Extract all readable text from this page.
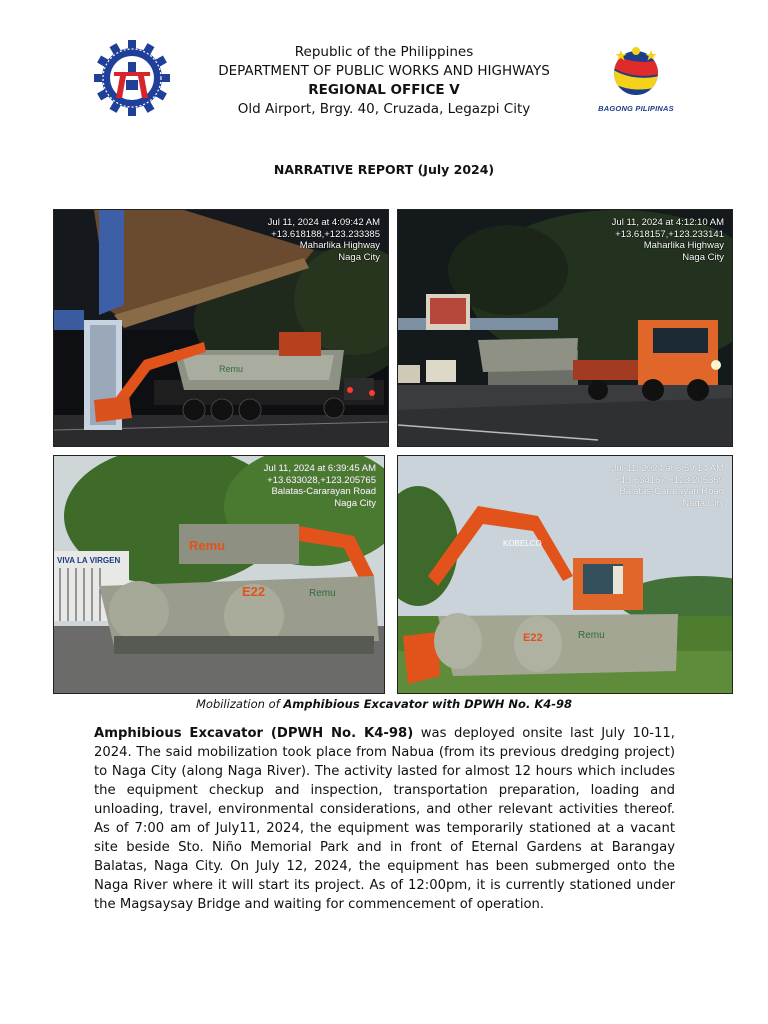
Republic of the Philippines
DEPARTMENT OF PUBLIC WORKS AND HIGHWAYS
REGIONAL OFFICE V
Old Airport, Brgy. 40, Cruzada, Legazpi City	BAGONG PILIPINAS
NARRATIVE REPORT (July 2024)
Remu
Jul 11, 2024 at 4:09:42 AM
+13.618188,+123.233385
Maharlika Highway
Naga City
Jul 11, 2024 at 4:12:10 AM
+13.618157,+123.233141
Maharlika Highway
Naga City
VIVA LA VIRGEN
Remu
E22	Remu
Jul 11, 2024 at 6:39:45 AM
+13.633028,+123.205765
Balatas-Cararayan Road
Naga City
KOBELCO
E22	Remu
Jul 11, 2024 at 6:59:14 AM
+13.634167,+123.205359
Balatas-Cararayan Road
Naga City
Mobilization of Amphibious Excavator with DPWH No. K4-98
Amphibious Excavator (DPWH No. K4-98) was deployed onsite last July 10-11, 2024. The said mobilization took place from Nabua (from its previous dredging project) to Naga City (along Naga River). The activity lasted for almost 12 hours which includes the equipment checkup and inspection, transportation preparation, loading and unloading, travel, environmental considerations, and other relevant activities thereof. As of 7:00 am of July11, 2024, the equipment was temporarily stationed at a vacant site beside Sto. Niño Memorial Park and in front of Eternal Gardens at Barangay Balatas, Naga City. On July 12, 2024, the equipment has been submerged onto the Naga River where it will start its project. As of 12:00pm, it is currently stationed under the Magsaysay Bridge and waiting for commencement of operation.
